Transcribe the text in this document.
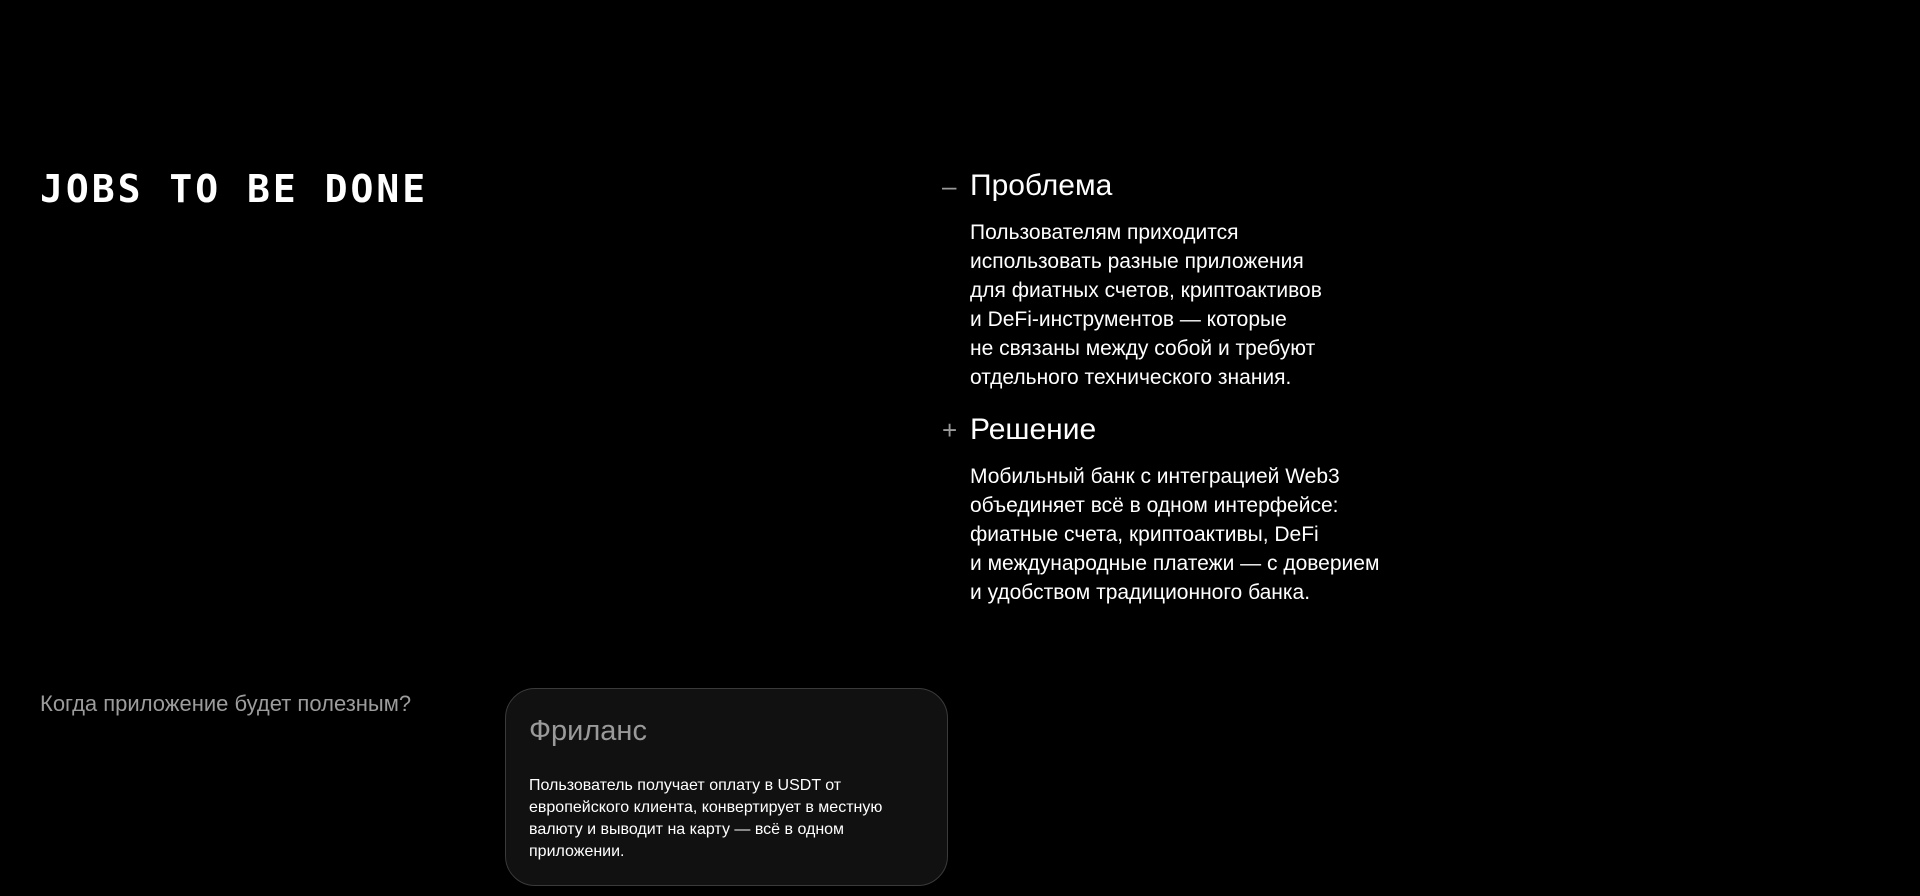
JOBS TO BE DONE	– Проблема
Пользователям приходится
использовать разные приложения
для фиатных счетов, криптоактивов
и DeFi-инструментов — которые
не связаны между собой и требуют
отдельного технического знания.
+ Решение
Мобильный банк с интеграцией Web3
объединяет всё в одном интерфейсе:
фиатные счета, криптоактивы, DeFi
и международные платежи — с доверием
и удобством традиционного банка.
Когда приложение будет полезным?
Фриланс
Пользователь получает оплату в USDT от
европейского клиента, конвертирует в местную
валюту и выводит на карту — всё в одном
приложении.
